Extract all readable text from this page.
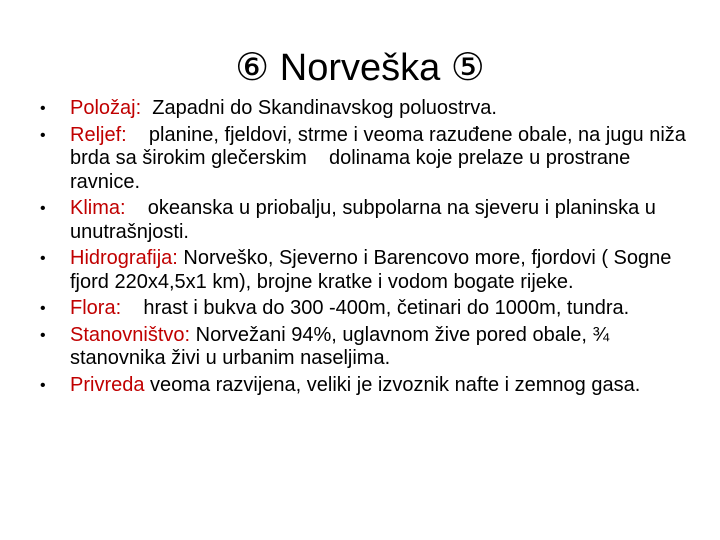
⑥ Norveška ⑤
•	Položaj:  Zapadni do Skandinavskog poluostrva.
•	Reljef:    planine, fjeldovi, strme i veoma razuđene obale, na jugu niža brda sa širokim glečerskim    dolinama koje prelaze u prostrane ravnice.
•	Klima:    okeanska u priobalju, subpolarna na sjeveru i planinska u unutrašnjosti.
•	Hidrografija: Norveško, Sjeverno i Barencovo more, fjordovi ( Sogne fjord 220x4,5x1 km), brojne kratke i vodom bogate rijeke.
•	Flora:    hrast i bukva do 300 -400m, četinari do 1000m, tundra.
•	Stanovništvo: Norvežani 94%, uglavnom žive pored obale, ¾ stanovnika živi u urbanim naseljima.
•	Privreda veoma razvijena, veliki je izvoznik nafte i zemnog gasa.
